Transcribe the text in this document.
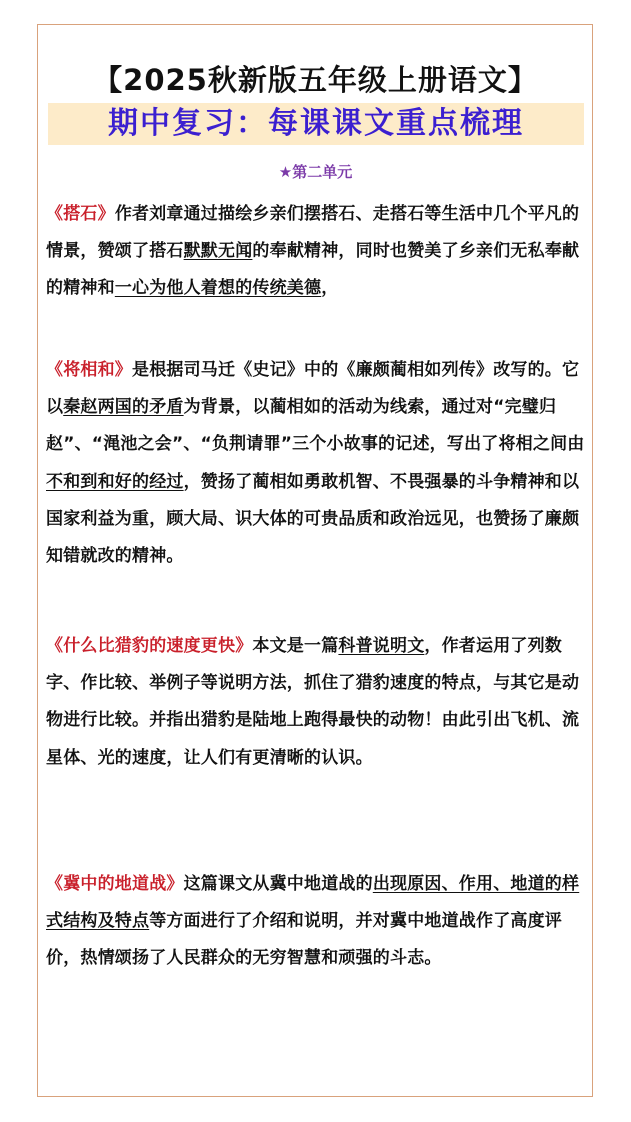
【2025秋新版五年级上册语文】
期中复习：每课课文重点梳理
★第二单元

《搭石》作者刘章通过描绘乡亲们摆搭石、走搭石等生活中几个平凡的情景，赞颂了搭石默默无闻的奉献精神，同时也赞美了乡亲们无私奉献的精神和一心为他人着想的传统美德，

《将相和》是根据司马迁《史记》中的《廉颇蔺相如列传》改写的。它以秦赵两国的矛盾为背景，以蔺相如的活动为线索，通过对“完璧归赵”、“渑池之会”、“负荆请罪”三个小故事的记述，写出了将相之间由不和到和好的经过，赞扬了蔺相如勇敢机智、不畏强暴的斗争精神和以国家利益为重，顾大局、识大体的可贵品质和政治远见，也赞扬了廉颇知错就改的精神。

《什么比猎豹的速度更快》本文是一篇科普说明文，作者运用了列数字、作比较、举例子等说明方法，抓住了猎豹速度的特点，与其它是动物进行比较。并指出猎豹是陆地上跑得最快的动物！由此引出飞机、流星体、光的速度，让人们有更清晰的认识。

《冀中的地道战》这篇课文从冀中地道战的出现原因、作用、地道的样式结构及特点等方面进行了介绍和说明，并对冀中地道战作了高度评价，热情颂扬了人民群众的无穷智慧和顽强的斗志。
